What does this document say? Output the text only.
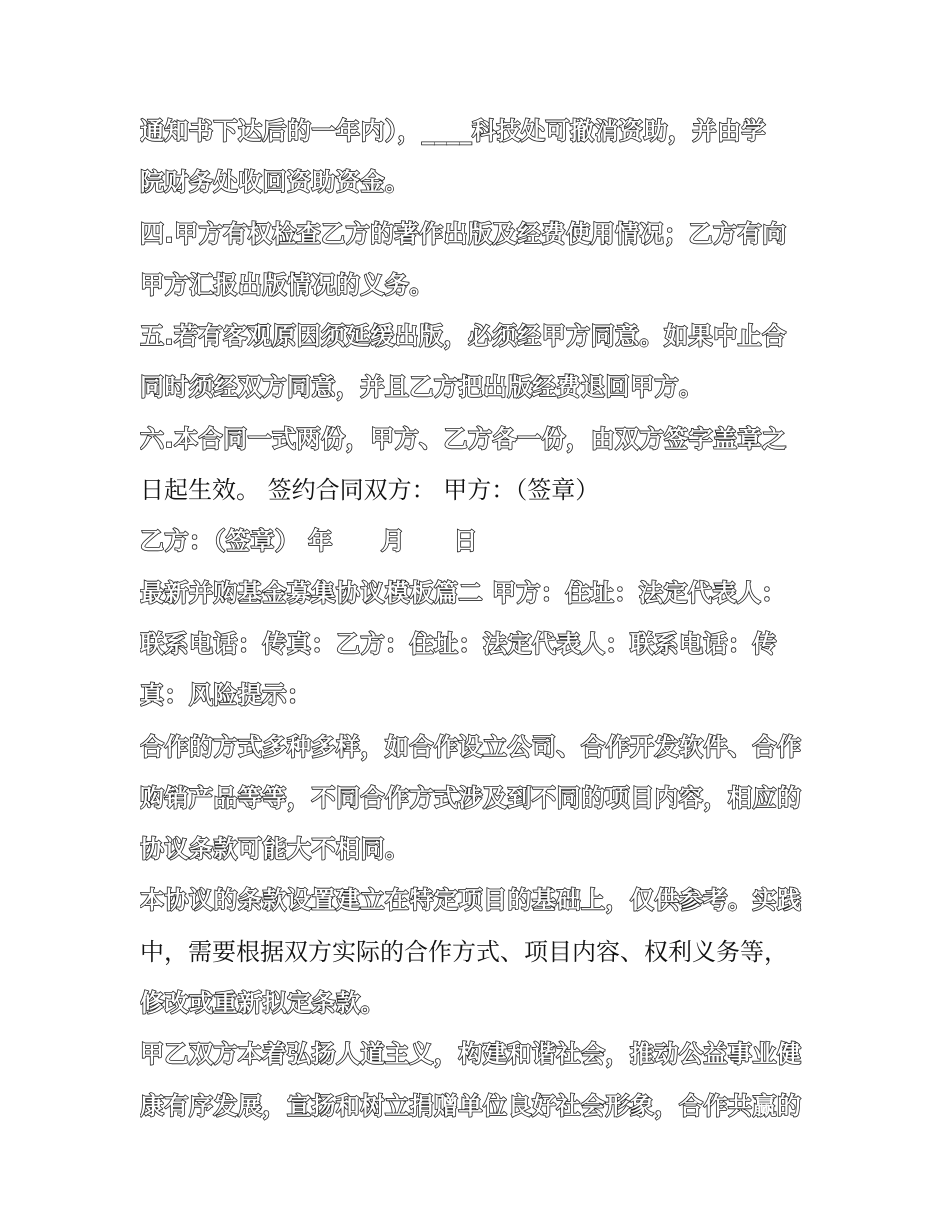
通知书下达后的一年内），____科技处可撤消资助，并由学
院财务处收回资助资金。
四.甲方有权检查乙方的著作出版及经费使用情况；乙方有向
甲方汇报出版情况的义务。
五.若有客观原因须延缓出版，必须经甲方同意。如果中止合
同时须经双方同意，并且乙方把出版经费退回甲方。
六.本合同一式两份，甲方、乙方各一份，由双方签字盖章之
日起生效。 签约合同双方： 甲方：（签章）
乙方：（签章） 年 月 日
最新并购基金募集协议模板篇二 甲方：住址：法定代表人：
联系电话：传真：乙方：住址：法定代表人：联系电话：传
真：风险提示：
合作的方式多种多样，如合作设立公司、合作开发软件、合作
购销产品等等，不同合作方式涉及到不同的项目内容，相应的
协议条款可能大不相同。
本协议的条款设置建立在特定项目的基础上，仅供参考。实践
中，需要根据双方实际的合作方式、项目内容、权利义务等，
修改或重新拟定条款。
甲乙双方本着弘扬人道主义，构建和谐社会，推动公益事业健
康有序发展，宣扬和树立捐赠单位良好社会形象，合作共赢的
